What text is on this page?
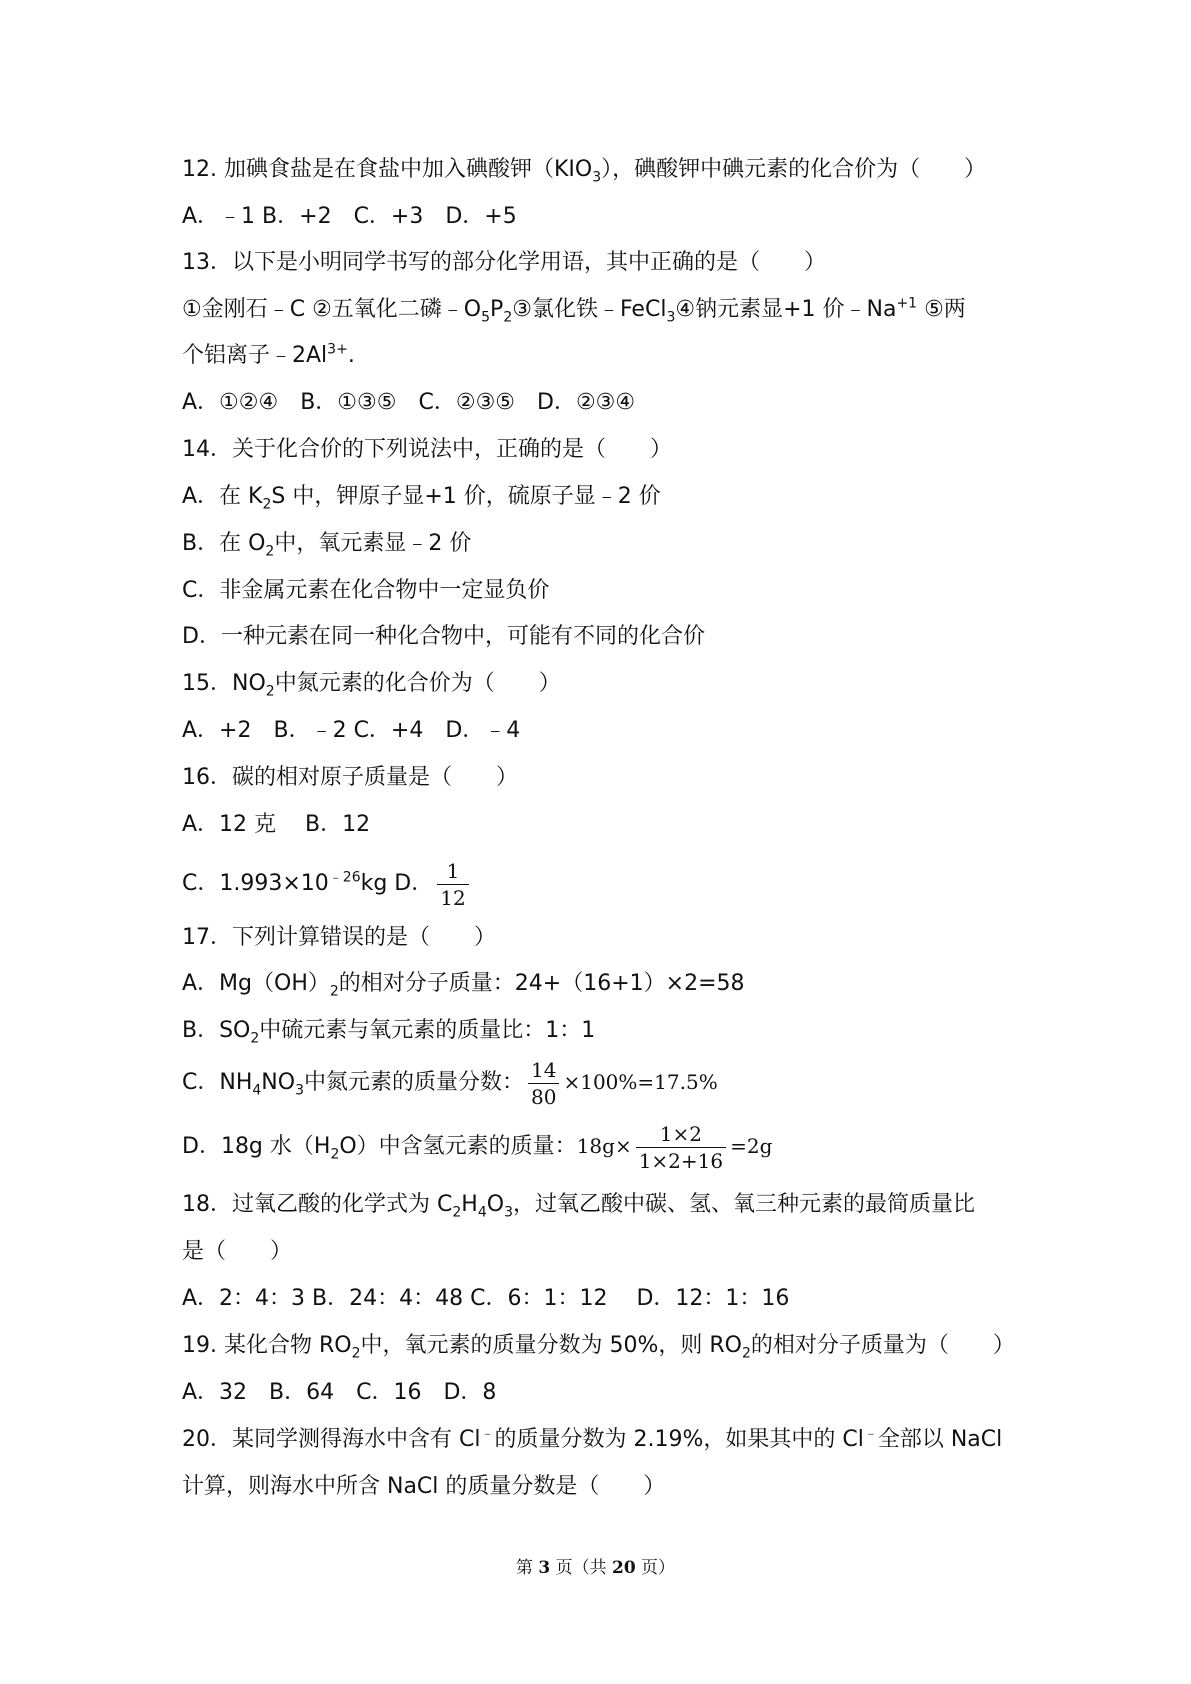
12. 加碘食盐是在食盐中加入碘酸钾$(KIO_3)$，碘酸钾中碘元素的化合价为（　　）
A．﹣1 B．+2　C．+3　D．+5
13．以下是小明同学书写的部分化学用语，其中正确的是（　　）
①金刚石﹣C ②五氧化二磷$﹣O_5P_2③$氯化铁﹣FeCl$_3$④钠元素显+1 价$﹣Na^{+1}$ ⑤两
个铝离子$﹣2Al^{3+}$.
A．①②④　B．①③⑤　C．②③⑤　D．②③④
14．关于化合价的下列说法中，正确的是（　　）
A．在 $K_2S$ 中，钾原子显+1 价，硫原子显﹣2 价
B．在 $O_2$中，氧元素显﹣2 价
C．非金属元素在化合物中一定显负价
D．一种元素在同一种化合物中，可能有不同的化合价
15．$NO_2$中氮元素的化合价为（　　）
A．+2　B．﹣2 C．+4　D．﹣4
16．碳的相对原子质量是（　　）
A．12 克　 B．12
C．$1.993\times 10^{﹣26}kg$ D． $\frac{1}{12}$
17．下列计算错误的是（　　）
A．$Mg(OH)_2$的相对分子质量：24+（16+1）×2=58
B．$SO_2$中硫元素与氧元素的质量比：1：1
C．$NH_4NO_3$中氮元素的质量分数： $\frac{14}{80} \times 100\%=17.5\%$
D．18g 水$(H_2O)$中含氢元素的质量：$18g\times \frac{1\times 2}{1\times 2+16} =2g$
18．过氧乙酸的化学式为 $C_2H_4O_3$，过氧乙酸中碳、氢、氧三种元素的最简质量比
是（　　）
A．2：4：3 B．24：4：48 C．6：1：12　 D．12：1：16
19. 某化合物 $RO_2$中，氧元素的质量分数为 50%，则 $RO_2$的相对分子质量为（　　）
A．32　B．64　C．16　D．8
20．某同学测得海水中含有 Cl﹣的质量分数为 2.19%，如果其中的 Cl﹣全部以 NaCl
计算，则海水中所含 NaCl 的质量分数是（　　）
第 3 页（共 20 页）
